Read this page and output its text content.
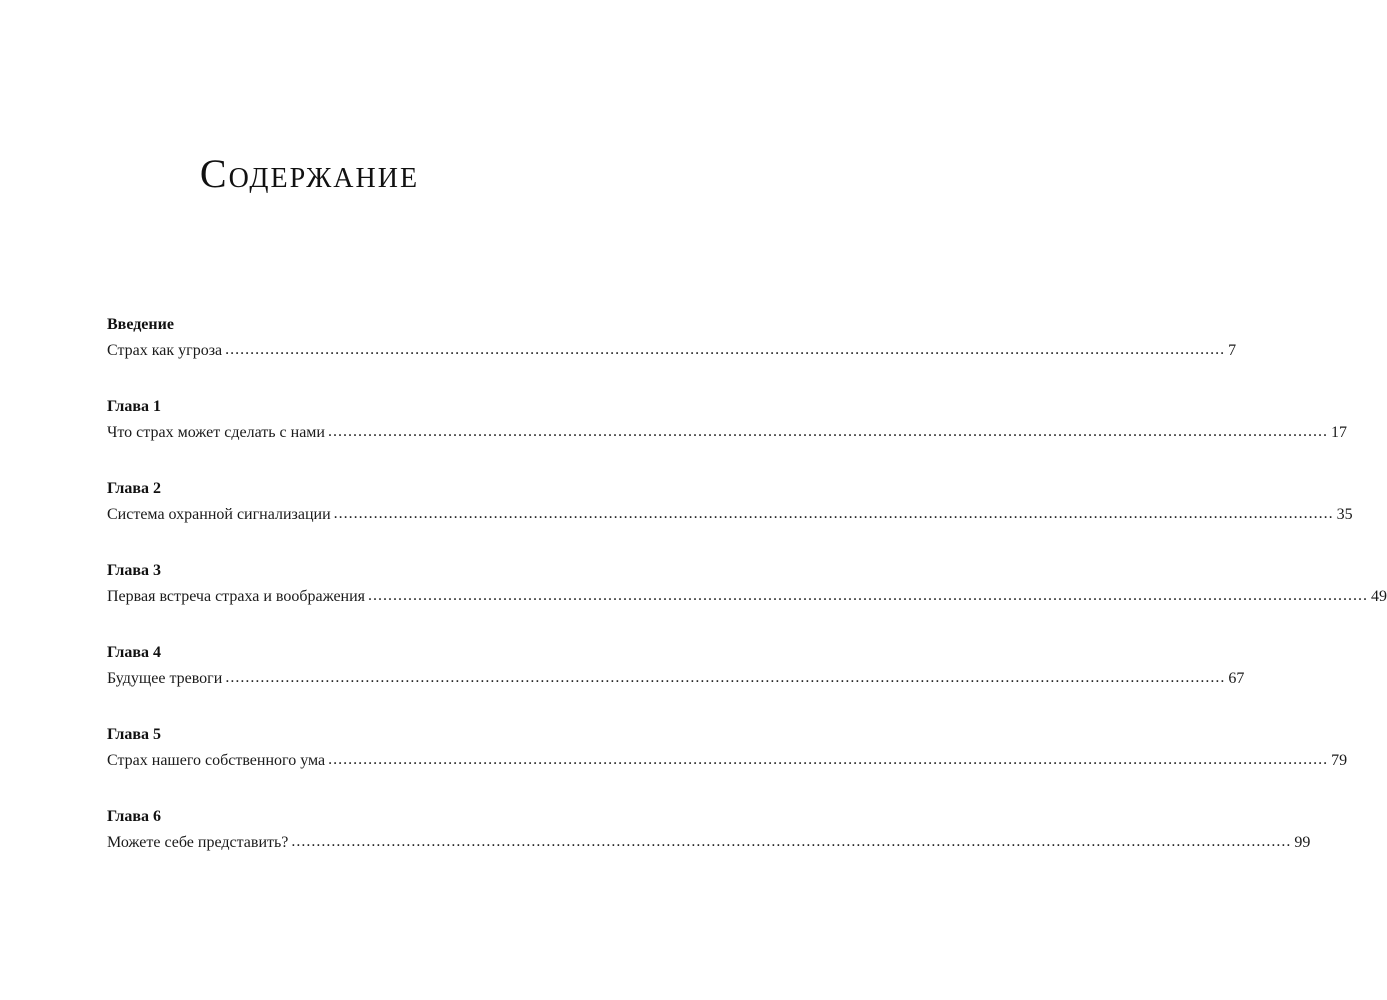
Содержание
Введение
Страх как угроза ........................................................................................................................................................................................................ 7
Глава 1
Что страх может сделать с нами ........................................................................................................................................................................................................ 17
Глава 2
Система охранной сигнализации ........................................................................................................................................................................................................ 35
Глава 3
Первая встреча страха и воображения ........................................................................................................................................................................................................ 49
Глава 4
Будущее тревоги ........................................................................................................................................................................................................ 67
Глава 5
Страх нашего собственного ума ........................................................................................................................................................................................................ 79
Глава 6
Можете себе представить? ........................................................................................................................................................................................................ 99
